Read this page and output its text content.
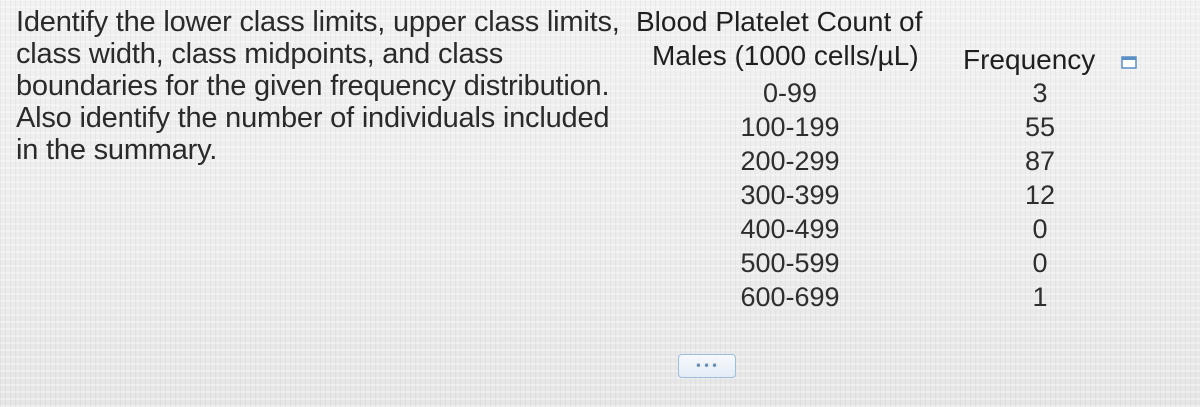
Identify the lower class limits, upper class limits,
class width, class midpoints, and class
boundaries for the given frequency distribution.
Also identify the number of individuals included
in the summary.
Blood Platelet Count of
Males (1000 cells/µL) Frequency
0-99	3
100-199	55
200-299	87
300-399	12
400-499	0
500-599	0
600-699	1
•••
